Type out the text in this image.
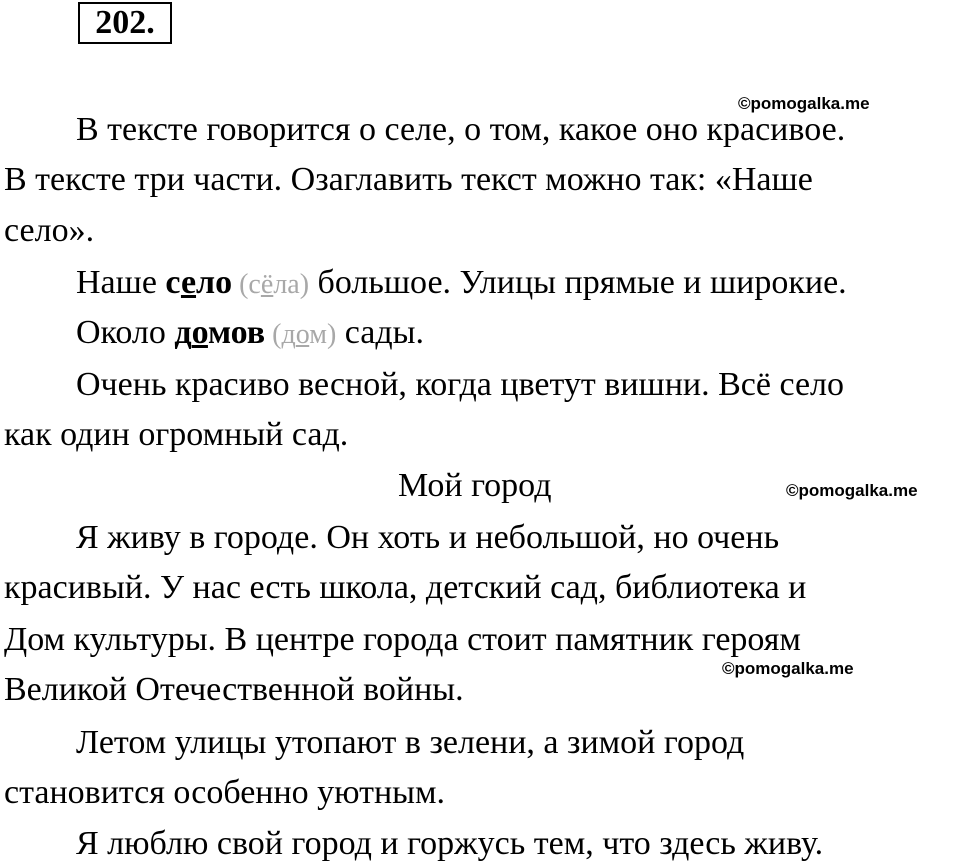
202.
©pomogalka.me
В тексте говорится о селе, о том, какое оно красивое.
В тексте три части. Озаглавить текст можно так: «Наше
село».
Наше село (сёла) большое. Улицы прямые и широкие.
Около домов (дом) сады.
Очень красиво весной, когда цветут вишни. Всё село
как один огромный сад.
Мой город	©pomogalka.me
Я живу в городе. Он хоть и небольшой, но очень
красивый. У нас есть школа, детский сад, библиотека и
Дом культуры. В центре города стоит памятник героям
©pomogalka.me
Великой Отечественной войны.
Летом улицы утопают в зелени, а зимой город
становится особенно уютным.
Я люблю свой город и горжусь тем, что здесь живу.
